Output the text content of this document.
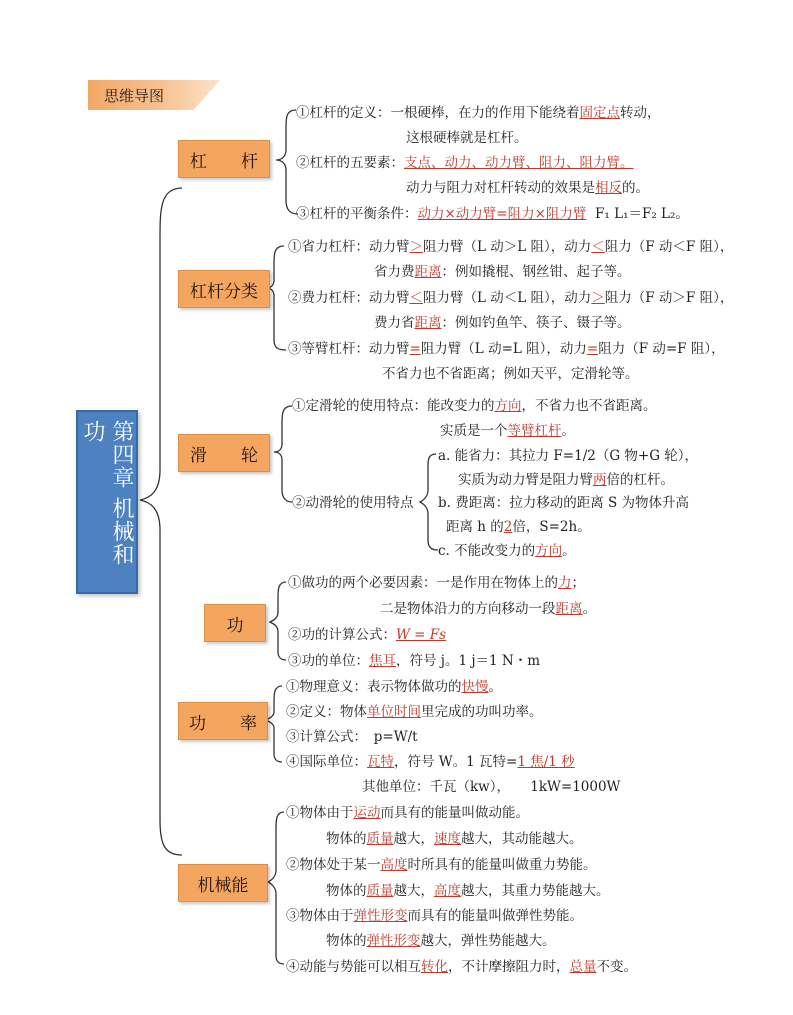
思维导图
第四章 机械和功
杠　　杆
杠杆分类
滑　　轮
功
功　　率
机械能
①杠杆的定义：一根硬棒，在力的作用下能绕着固定点转动，
这根硬棒就是杠杆。
②杠杆的五要素：支点、动力、动力臂、阻力、阻力臂。
动力与阻力对杠杆转动的效果是相反的。
③杠杆的平衡条件：动力×动力臂=阻力×阻力臂 F₁ L₁＝F₂ L₂。
①省力杠杆：动力臂＞阻力臂（L 动＞L 阻），动力＜阻力（F 动＜F 阻），
省力费距离：例如撬棍、钢丝钳、起子等。
②费力杠杆：动力臂＜阻力臂（L 动＜L 阻），动力＞阻力（F 动＞F 阻），
费力省距离：例如钓鱼竿、筷子、镊子等。
③等臂杠杆：动力臂=阻力臂（L 动=L 阻），动力=阻力（F 动=F 阻），
不省力也不省距离；例如天平，定滑轮等。
①定滑轮的使用特点：能改变力的方向，不省力也不省距离。
实质是一个等臂杠杆。
a. 能省力：其拉力 F=1/2（G 物+G 轮），
实质为动力臂是阻力臂两倍的杠杆。
②动滑轮的使用特点 b. 费距离：拉力移动的距离 S 为物体升高
距离 h 的2倍，S=2h。
c. 不能改变力的方向。
①做功的两个必要因素：一是作用在物体上的力；
二是物体沿力的方向移动一段距离。
②功的计算公式：W = Fs
③功的单位：焦耳，符号 j。1 j＝1 N・m
①物理意义：表示物体做功的快慢。
②定义：物体单位时间里完成的功叫功率。
③计算公式：　p=W/t
④国际单位：瓦特，符号 W。1 瓦特=1 焦/1 秒
其他单位：千瓦（kw），　　1kW=1000W
①物体由于运动而具有的能量叫做动能。
物体的质量越大，速度越大，其动能越大。
②物体处于某一高度时所具有的能量叫做重力势能。
物体的质量越大，高度越大，其重力势能越大。
③物体由于弹性形变而具有的能量叫做弹性势能。
物体的弹性形变越大，弹性势能越大。
④动能与势能可以相互转化，不计摩擦阻力时，总量不变。
